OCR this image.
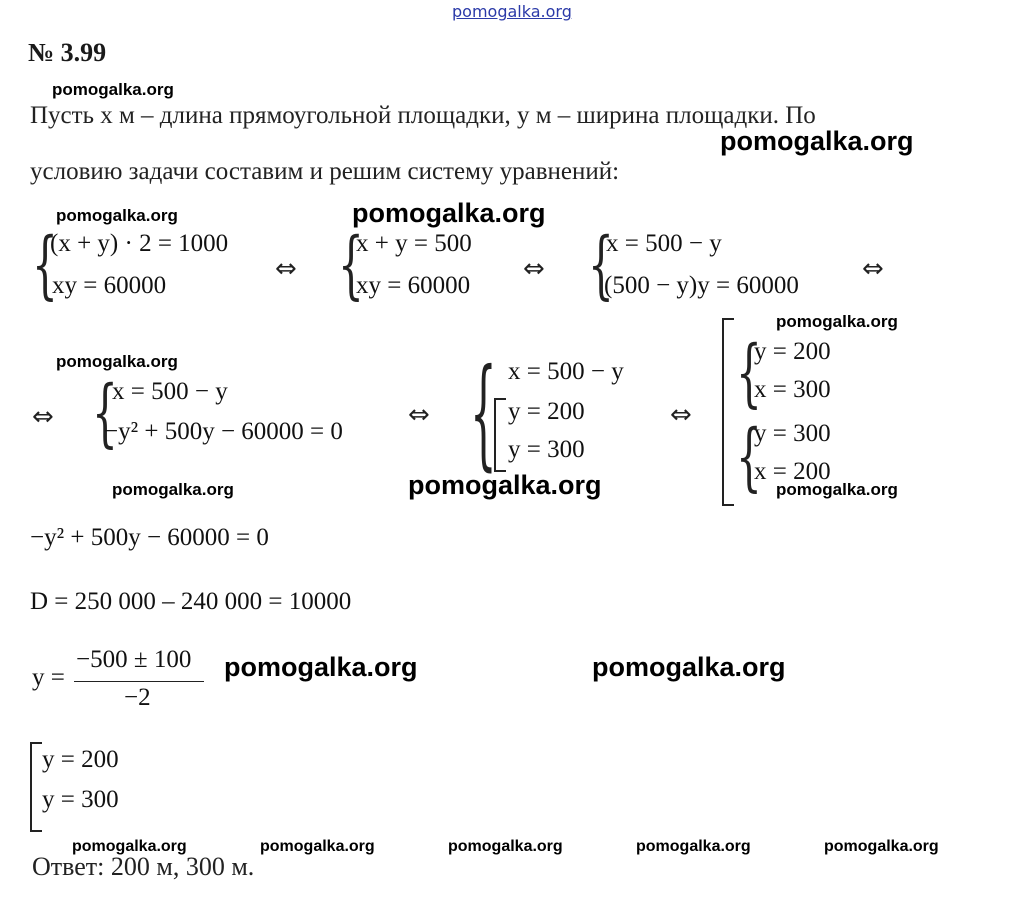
pomogalka.org
№ 3.99
pomogalka.org
Пусть x м – длина прямоугольной площадки, y м – ширина площадки. По
pomogalka.org
условию задачи составим и решим систему уравнений:
pomogalka.org	pomogalka.org
{
(x + y) · 2 = 1000
xy = 60000
⇔ {
x + y = 500
xy = 60000
⇔ {
x = 500 − y
(500 − y)y = 60000
⇔
pomogalka.org
⇔ {
x = 500 − y
−y² + 500y − 60000 = 0
⇔ { x = 500 − y
y = 200
y = 300
⇔ {
y = 200
x = 300
{
y = 300
x = 200
pomogalka.org
pomogalka.org
pomogalka.org	pomogalka.org
−y² + 500y − 60000 = 0
D = 250 000 – 240 000 = 10000
y =
−500 ± 100
−2
pomogalka.org	pomogalka.org
y = 200
y = 300
pomogalka.org	pomogalka.org	pomogalka.org	pomogalka.org	pomogalka.org
Ответ: 200 м, 300 м.
